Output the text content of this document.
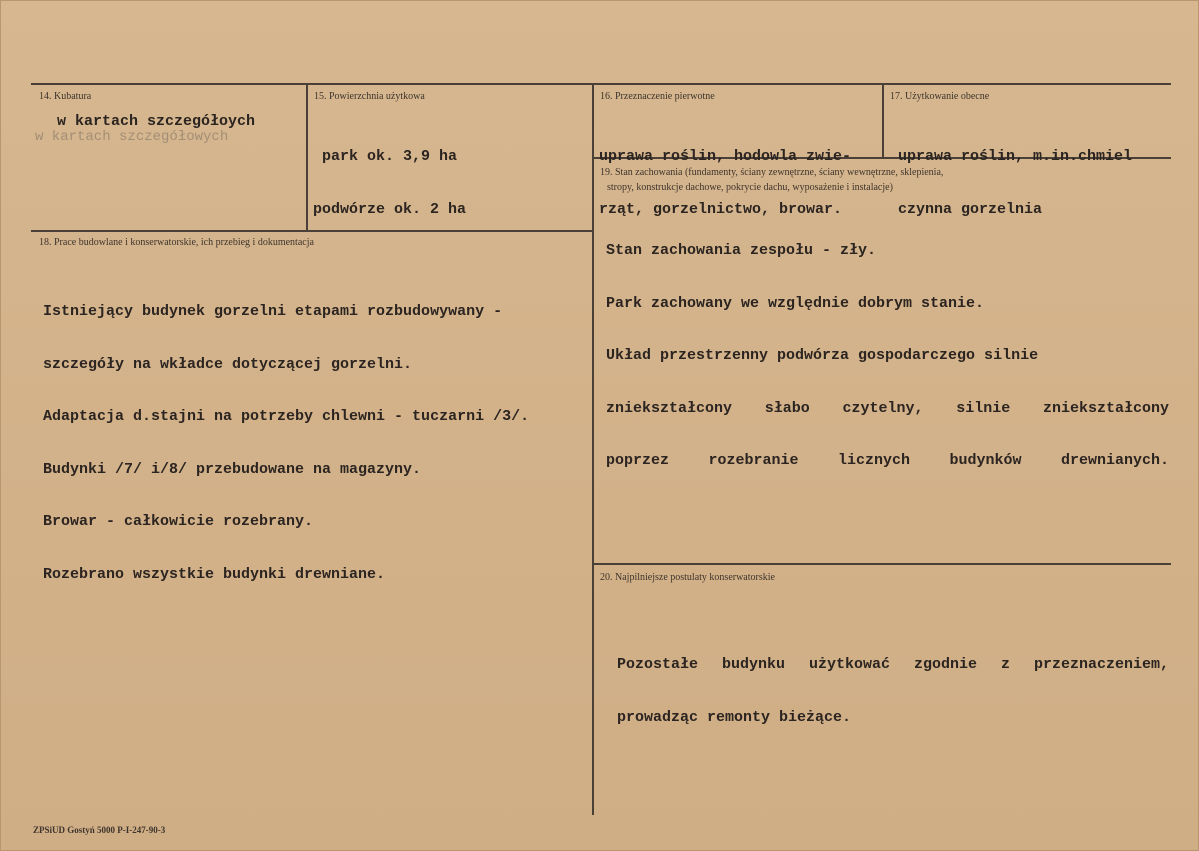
14. Kubatura
w kartach szczegółoych
w kartach szczegółowych
15. Powierzchnia użytkowa

park ok. 3,9 ha

podwórze ok. 2 ha

16. Przeznaczenie pierwotne

uprawa roślin, hodowla zwie-

rząt, gorzelnictwo, browar.

17. Użytkowanie obecne

uprawa roślin, m.in.chmiel

czynna gorzelnia

18. Prace budowlane i konserwatorskie, ich przebieg i dokumentacja

Istniejący budynek gorzelni etapami rozbudowywany -

szczegóły na wkładce dotyczącej gorzelni.

Adaptacja d.stajni na potrzeby chlewni - tuczarni /3/.

Budynki /7/ i/8/ przebudowane na magazyny.

Browar - całkowicie rozebrany.

Rozebrano wszystkie budynki drewniane.

19. Stan zachowania (fundamenty, ściany zewnętrzne, ściany wewnętrzne, sklepienia,
stropy, konstrukcje dachowe, pokrycie dachu, wyposażenie i instalacje)

Stan zachowania zespołu - zły.

Park zachowany we względnie dobrym stanie.

Układ przestrzenny podwórza gospodarczego silnie

zniekształcony słabo czytelny, silnie zniekształcony

poprzez rozebranie licznych budynków drewnianych.

20. Najpilniejsze postulaty konserwatorskie

Pozostałe budynku użytkować zgodnie z przeznaczeniem,

prowadząc remonty bieżące.

ZPSiUD Gostyń 5000 P-I-247-90-3
